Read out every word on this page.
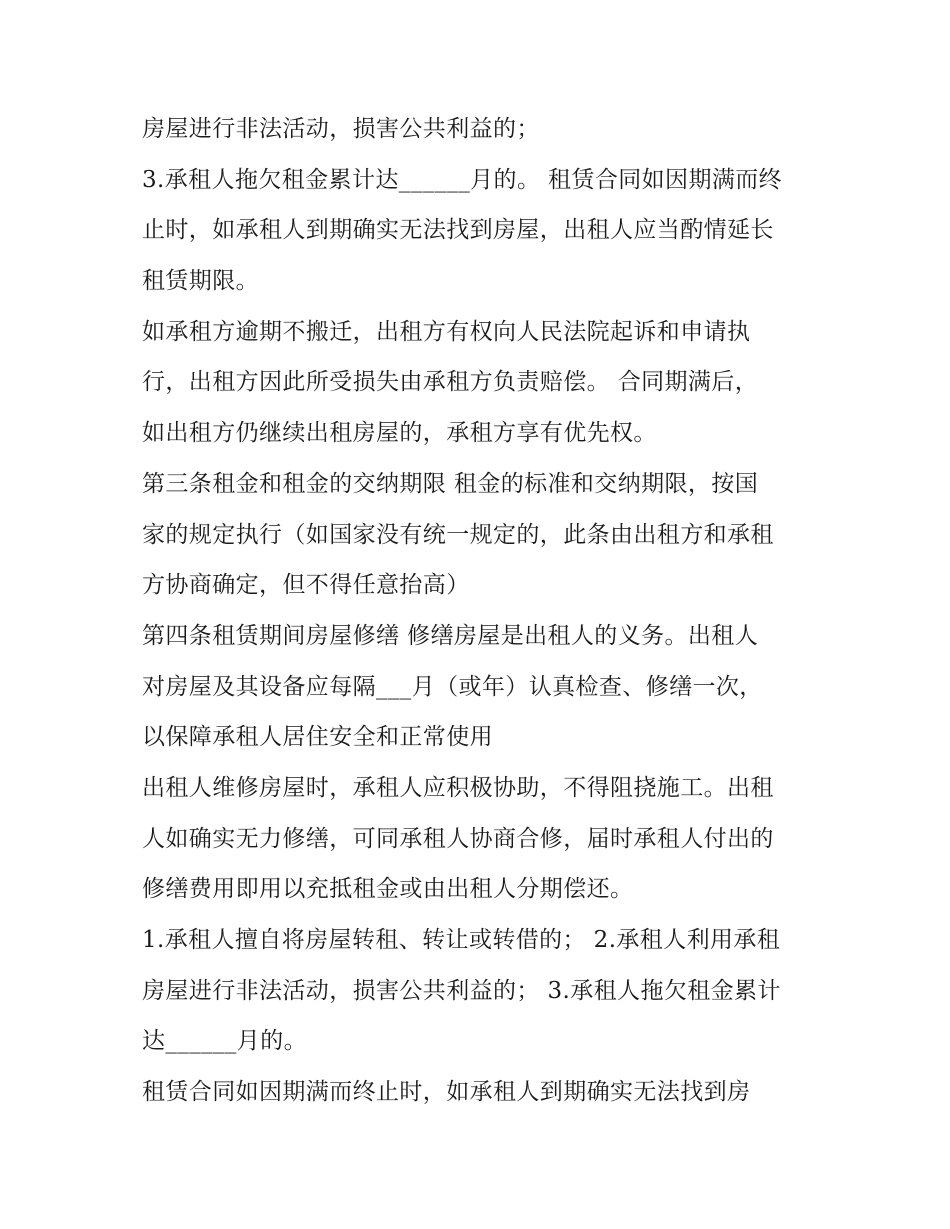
房屋进行非法活动，损害公共利益的；
3.承租人拖欠租金累计达______月的。 租赁合同如因期满而终
止时，如承租人到期确实无法找到房屋，出租人应当酌情延长
租赁期限。
如承租方逾期不搬迁，出租方有权向人民法院起诉和申请执
行，出租方因此所受损失由承租方负责赔偿。 合同期满后，
如出租方仍继续出租房屋的，承租方享有优先权。
第三条租金和租金的交纳期限 租金的标准和交纳期限，按国
家的规定执行（如国家没有统一规定的，此条由出租方和承租
方协商确定，但不得任意抬高）
第四条租赁期间房屋修缮 修缮房屋是出租人的义务。出租人
对房屋及其设备应每隔___月（或年）认真检查、修缮一次，
以保障承租人居住安全和正常使用
出租人维修房屋时，承租人应积极协助，不得阻挠施工。出租
人如确实无力修缮，可同承租人协商合修，届时承租人付出的
修缮费用即用以充抵租金或由出租人分期偿还。
1.承租人擅自将房屋转租、转让或转借的； 2.承租人利用承租
房屋进行非法活动，损害公共利益的； 3.承租人拖欠租金累计
达______月的。
租赁合同如因期满而终止时，如承租人到期确实无法找到房
